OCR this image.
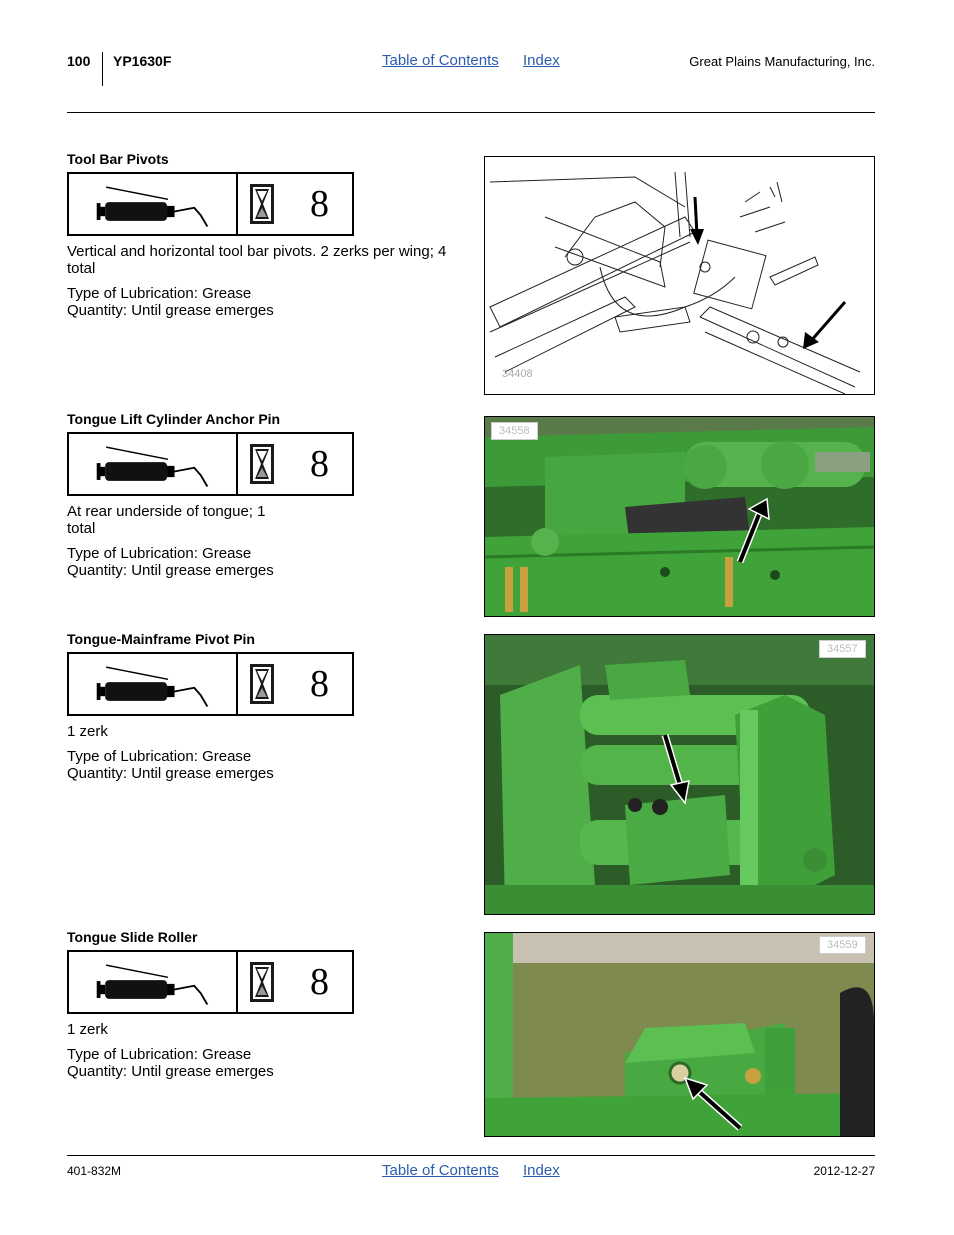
100 YP1630F	Table of Contents Index	Great Plains Manufacturing, Inc.
Tool Bar Pivots
8
Vertical and horizontal tool bar pivots. 2 zerks per wing; 4 total
Type of Lubrication: Grease
Quantity: Until grease emerges
34408
Tongue Lift Cylinder Anchor Pin
8
At rear underside of tongue; 1 total
Type of Lubrication: Grease
Quantity: Until grease emerges
34558
Tongue-Mainframe Pivot Pin
8
1 zerk
Type of Lubrication: Grease
Quantity: Until grease emerges
34557
Tongue Slide Roller
8
1 zerk
Type of Lubrication: Grease
Quantity: Until grease emerges
34559
401-832M	Table of Contents Index	2012-12-27
